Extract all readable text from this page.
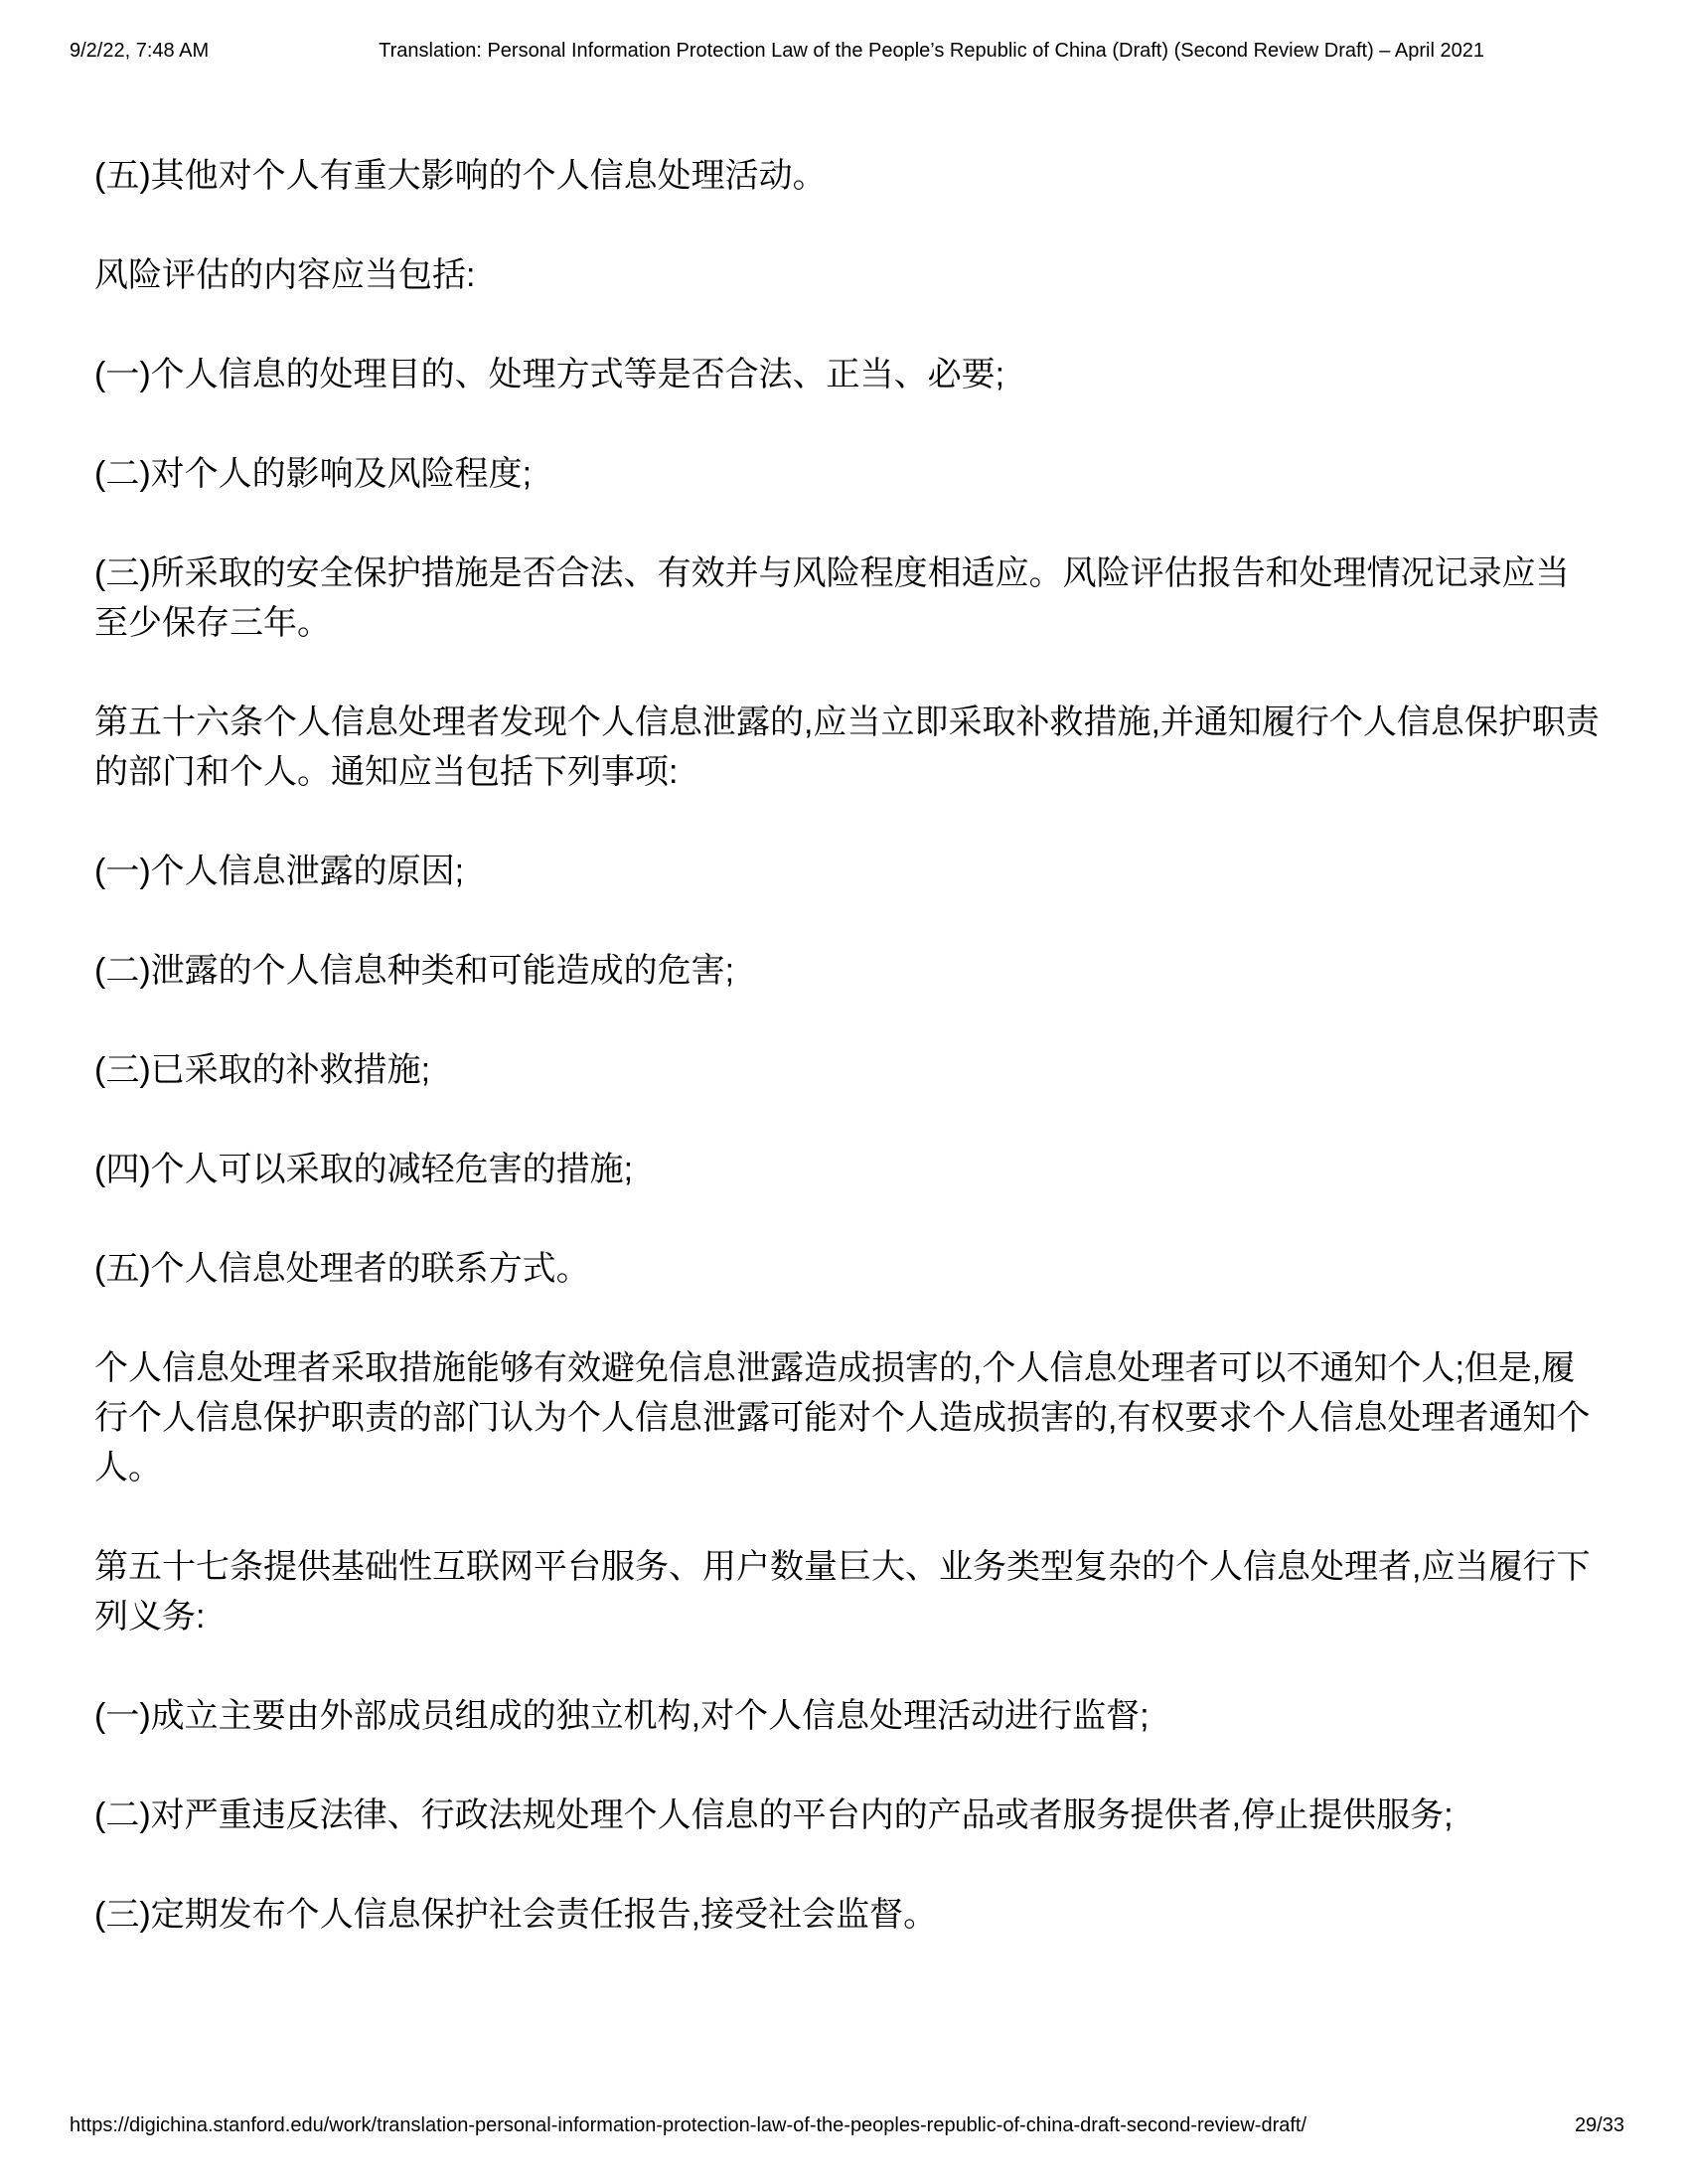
9/2/22, 7:48 AM	Translation: Personal Information Protection Law of the People’s Republic of China (Draft) (Second Review Draft) – April 2021

(五)其他对个人有重大影响的个人信息处理活动。

风险评估的内容应当包括:

(一)个人信息的处理目的、处理方式等是否合法、正当、必要;

(二)对个人的影响及风险程度;

(三)所采取的安全保护措施是否合法、有效并与风险程度相适应。风险评估报告和处理情况记录应当至少保存三年。

第五十六条个人信息处理者发现个人信息泄露的,应当立即采取补救措施,并通知履行个人信息保护职责的部门和个人。通知应当包括下列事项:

(一)个人信息泄露的原因;

(二)泄露的个人信息种类和可能造成的危害;

(三)已采取的补救措施;

(四)个人可以采取的减轻危害的措施;

(五)个人信息处理者的联系方式。

个人信息处理者采取措施能够有效避免信息泄露造成损害的,个人信息处理者可以不通知个人;但是,履行个人信息保护职责的部门认为个人信息泄露可能对个人造成损害的,有权要求个人信息处理者通知个人。

第五十七条提供基础性互联网平台服务、用户数量巨大、业务类型复杂的个人信息处理者,应当履行下列义务:

(一)成立主要由外部成员组成的独立机构,对个人信息处理活动进行监督;

(二)对严重违反法律、行政法规处理个人信息的平台内的产品或者服务提供者,停止提供服务;

(三)定期发布个人信息保护社会责任报告,接受社会监督。

https://digichina.stanford.edu/work/translation-personal-information-protection-law-of-the-peoples-republic-of-china-draft-second-review-draft/	29/33
